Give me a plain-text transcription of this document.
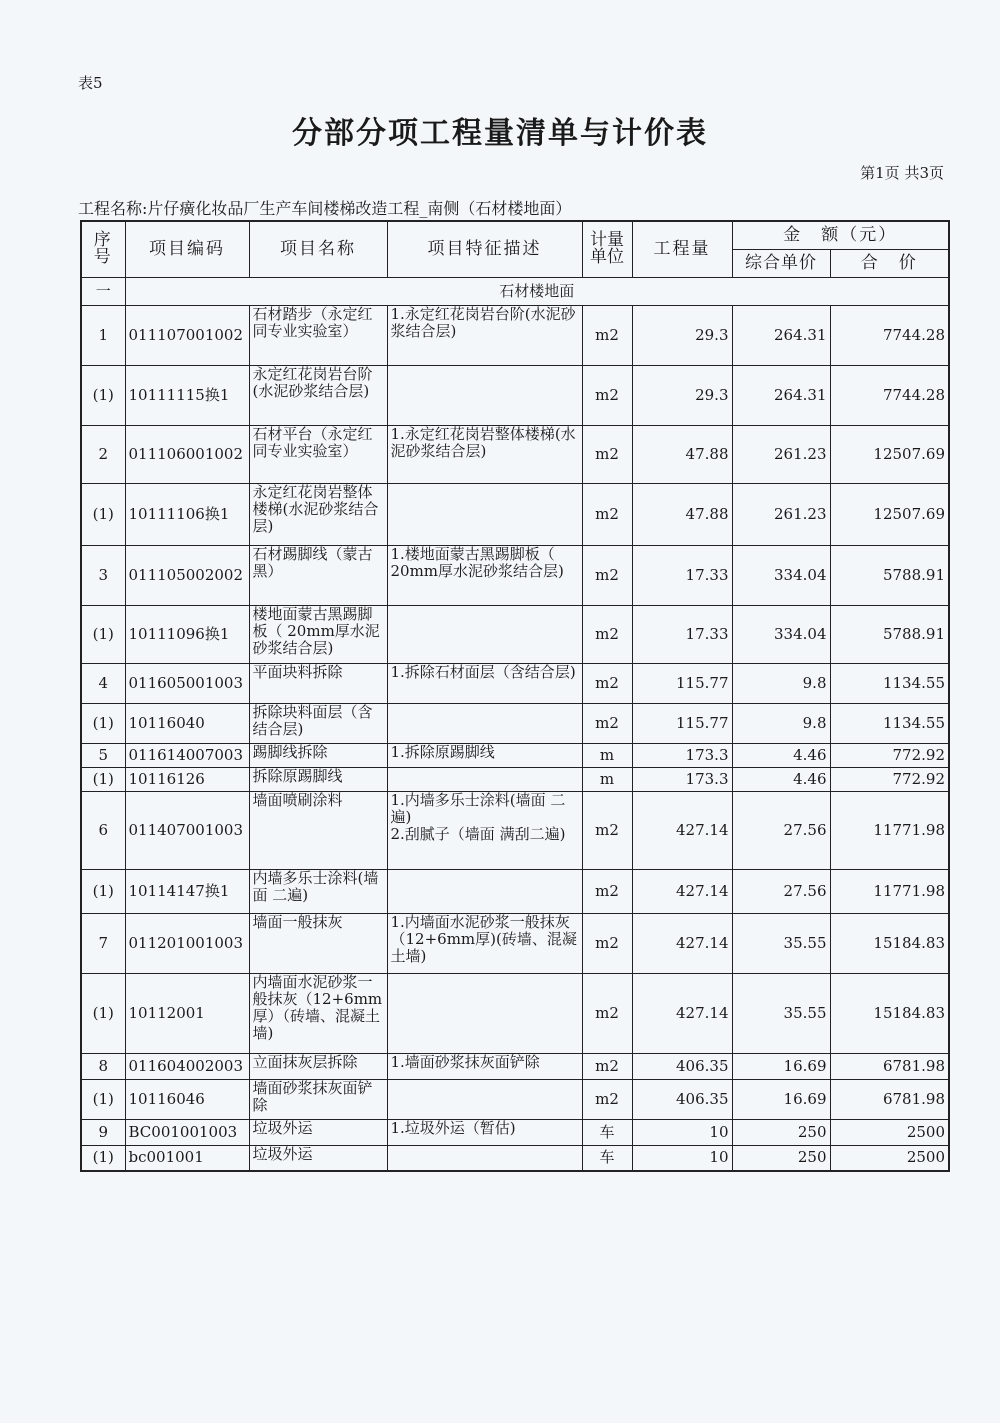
表5
分部分项工程量清单与计价表
第1页 共3页
工程名称:片仔癀化妆品厂生产车间楼梯改造工程_南侧（石材楼地面）
序号	项目编码	项目名称	项目特征描述	计量单位	工程量	金　额（元）	
						综合单价	合　价
一	石材楼地面						
1	011107001002	石材踏步（永定红同专业实验室）	1.永定红花岗岩台阶(水泥砂浆结合层)	m2	29.3	264.31	7744.28
(1)	10111115换1	永定红花岗岩台阶(水泥砂浆结合层)		m2	29.3	264.31	7744.28
2	011106001002	石材平台（永定红同专业实验室）	1.永定红花岗岩整体楼梯(水泥砂浆结合层)	m2	47.88	261.23	12507.69
(1)	10111106换1	永定红花岗岩整体楼梯(水泥砂浆结合层)		m2	47.88	261.23	12507.69
3	011105002002	石材踢脚线（蒙古黑）	1.楼地面蒙古黑踢脚板（ 20mm厚水泥砂浆结合层)	m2	17.33	334.04	5788.91
(1)	10111096换1	楼地面蒙古黑踢脚板（ 20mm厚水泥砂浆结合层)		m2	17.33	334.04	5788.91
4	011605001003	平面块料拆除	1.拆除石材面层（含结合层)	m2	115.77	9.8	1134.55
(1)	10116040	拆除块料面层（含结合层)		m2	115.77	9.8	1134.55
5	011614007003	踢脚线拆除	1.拆除原踢脚线	m	173.3	4.46	772.92
(1)	10116126	拆除原踢脚线		m	173.3	4.46	772.92
6	011407001003	墙面喷刷涂料	1.内墙多乐士涂料(墙面 二遍)
2.刮腻子（墙面 满刮二遍)	m2	427.14	27.56	11771.98
(1)	10114147换1	内墙多乐士涂料(墙面 二遍)		m2	427.14	27.56	11771.98
7	011201001003	墙面一般抹灰	1.内墙面水泥砂浆一般抹灰（12+6mm厚)(砖墙、混凝土墙)	m2	427.14	35.55	15184.83
(1)	10112001	内墙面水泥砂浆一般抹灰（12+6mm厚）（砖墙、混凝土墙)		m2	427.14	35.55	15184.83
8	011604002003	立面抹灰层拆除	1.墙面砂浆抹灰面铲除	m2	406.35	16.69	6781.98
(1)	10116046	墙面砂浆抹灰面铲除		m2	406.35	16.69	6781.98
9	BC001001003	垃圾外运	1.垃圾外运（暂估)	车	10	250	2500
(1)	bc001001	垃圾外运		车	10	250	2500
